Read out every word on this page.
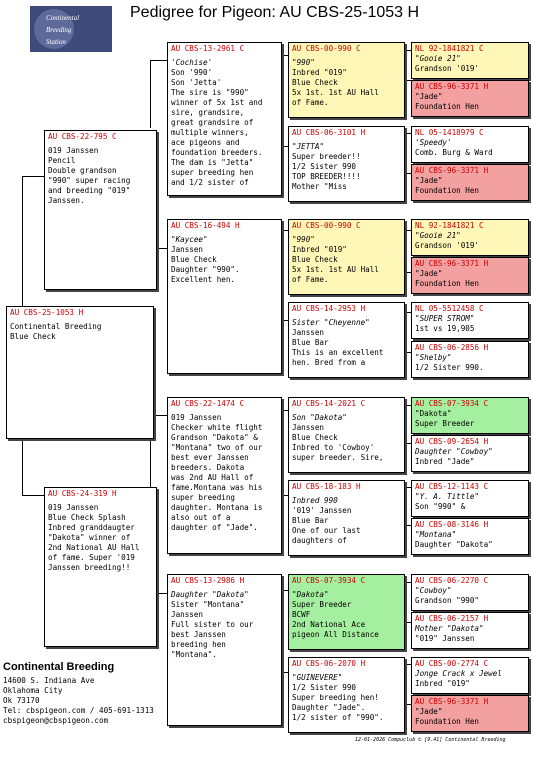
Pedigree for Pigeon: AU CBS-25-1053 H
Continental
Breeding
Station
AU CBS-25-1053 H
Continental Breeding
Blue Check
AU CBS-22-795 C
019 Janssen
Pencil
Double grandson
"990" super racing
and breeding "019"
Janssen.
AU CBS-24-319 H
019 Janssen
Blue Check Splash
Inbred granddaugter
"Dakota" winner of
2nd National AU Hall
of fame. Super '019
Janssen breeding!!
AU CBS-13-2961 C
'Cochise'
Son '990'
Son 'Jetta'
The sire is "990"
winner of 5x 1st and
sire, grandsire,
great grandsire of
multiple winners,
ace pigeons and
foundation breeders.
The dam is "Jetta"
super breeding hen
and 1/2 sister of
AU CBS-16-494 H
"Kaycee"
Janssen
Blue Check
Daughter "990".
Excellent hen.
AU CBS-22-1474 C
019 Janssen
Checker white flight
Grandson "Dakota" &
"Montana" two of our
best ever Janssen
breeders. Dakota
was 2nd AU Hall of
fame.Montana was his
super breeding
daughter. Montana is
also out of a
daughter of "Jade".
AU CBS-13-2986 H
Daughter "Dakota"
Sister "Montana"
Janssen
Full sister to our
best Janssen
breeding hen
"Montana".
AU CBS-00-990 C
"990"
Inbred "019"
Blue Check
5x 1st. 1st AU Hall
of Fame.
AU CBS-06-3101 H
"JETTA"
Super breeder!!
1/2 Sister 990
TOP BREEDER!!!!
Mother "Miss
AU CBS-00-990 C
"990"
Inbred "019"
Blue Check
5x 1st. 1st AU Hall
of Fame.
AU CBS-14-2953 H
Sister "Cheyenne"
Janssen
Blue Bar
This is an excellent
hen. Bred from a
AU CBS-14-2021 C
Son "Dakota"
Janssen
Blue Check
Inbred to 'Cowboy'
super breeder. Sire,
AU CBS-18-183 H
Inbred 990
'019' Janssen
Blue Bar
One of our last
daughters of
AU CBS-07-3934 C
"Dakota"
Super Breeder
BCWF
2nd National Ace
pigeon All Distance
AU CBS-06-2070 H
"GUINEVERE"
1/2 Sister 990
Super breeding hen!
Daughter "Jade".
1/2 sister of "990".
NL 92-1841821 C
"Gooie 21"
Grandson '019'
AU CBS-96-3371 H
"Jade"
Foundation Hen
NL 05-1418979 C
'Speedy'
Comb. Burg & Ward
AU CBS-96-3371 H
"Jade"
Foundation Hen
NL 92-1841821 C
"Gooie 21"
Grandson '019'
AU CBS-96-3371 H
"Jade"
Foundation Hen
NL 05-5512458 C
"SUPER STROM"
1st vs 19,905
AU CBS-06-2856 H
"Shelby"
1/2 Sister 990.
AU CBS-07-3934 C
"Dakota"
Super Breeder
AU CBS-09-2654 H
Daughter "Cowboy"
Inbred "Jade"
AU CBS-12-1143 C
"Y. A. Tittle"
Son "990" &
AU CBS-08-3146 H
"Montana"
Daughter "Dakota"
AU CBS-06-2270 C
"Cowboy"
Grandson "990"
AU CBS-06-2157 H
Mother "Dakota"
"019" Janssen
AU CBS-00-2774 C
Jonge Crack x Jewel
Inbred "019"
AU CBS-96-3371 H
"Jade"
Foundation Hen
Continental Breeding
14600 S. Indiana Ave
Oklahoma City
Ok 73170
Tel: cbspigeon.com / 405-691-1313
cbspigeon@cbspigeon.com
12-01-2026 Compuclub © [9.41] Continental Breeding
